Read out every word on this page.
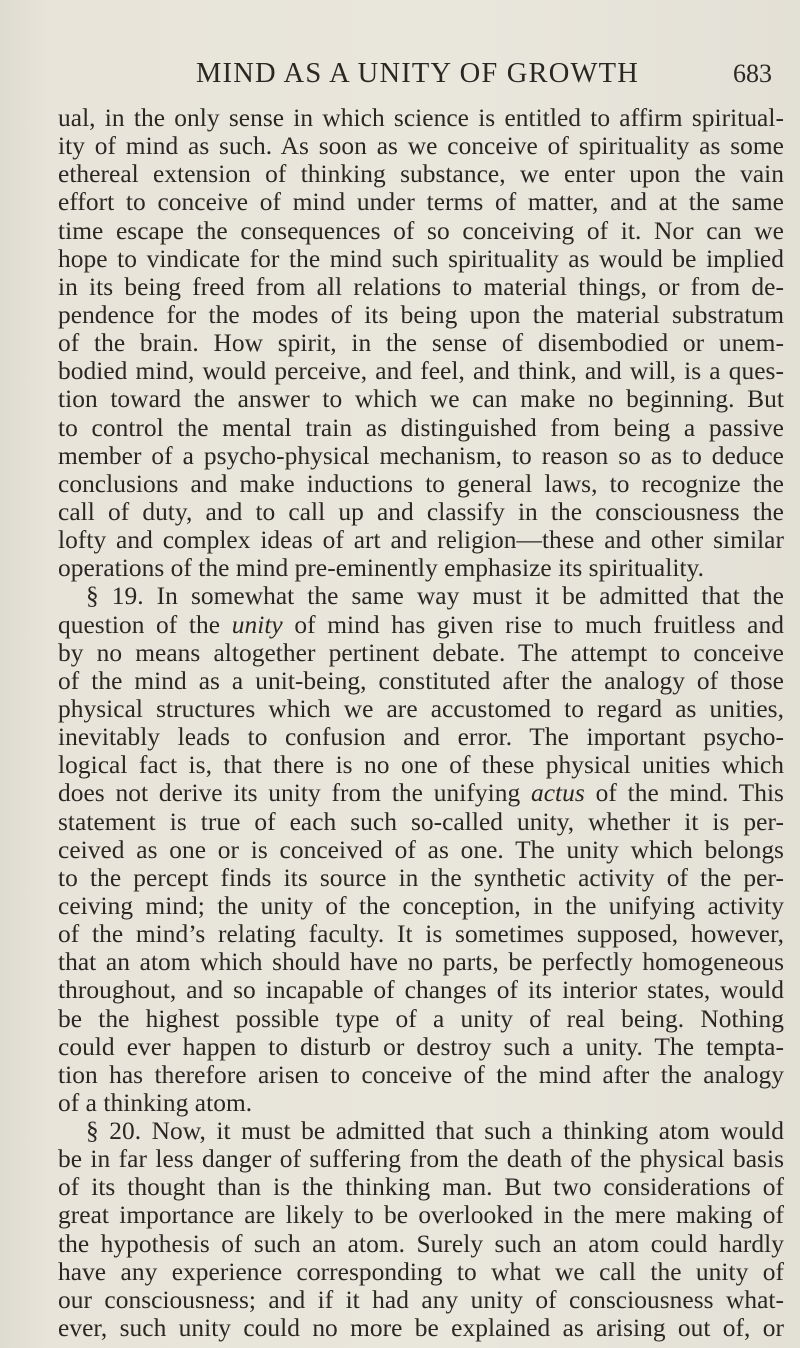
MIND AS A UNITY OF GROWTH	683
ual, in the only sense in which science is entitled to affirm spiritual-
ity of mind as such. As soon as we conceive of spirituality as some
ethereal extension of thinking substance, we enter upon the vain
effort to conceive of mind under terms of matter, and at the same
time escape the consequences of so conceiving of it. Nor can we
hope to vindicate for the mind such spirituality as would be implied
in its being freed from all relations to material things, or from de-
pendence for the modes of its being upon the material substratum
of the brain. How spirit, in the sense of disembodied or unem-
bodied mind, would perceive, and feel, and think, and will, is a ques-
tion toward the answer to which we can make no beginning. But
to control the mental train as distinguished from being a passive
member of a psycho-physical mechanism, to reason so as to deduce
conclusions and make inductions to general laws, to recognize the
call of duty, and to call up and classify in the consciousness the
lofty and complex ideas of art and religion—these and other similar
operations of the mind pre-eminently emphasize its spirituality.
§ 19. In somewhat the same way must it be admitted that the
question of the unity of mind has given rise to much fruitless and
by no means altogether pertinent debate. The attempt to conceive
of the mind as a unit-being, constituted after the analogy of those
physical structures which we are accustomed to regard as unities,
inevitably leads to confusion and error. The important psycho-
logical fact is, that there is no one of these physical unities which
does not derive its unity from the unifying actus of the mind. This
statement is true of each such so-called unity, whether it is per-
ceived as one or is conceived of as one. The unity which belongs
to the percept finds its source in the synthetic activity of the per-
ceiving mind; the unity of the conception, in the unifying activity
of the mind’s relating faculty. It is sometimes supposed, however,
that an atom which should have no parts, be perfectly homogeneous
throughout, and so incapable of changes of its interior states, would
be the highest possible type of a unity of real being. Nothing
could ever happen to disturb or destroy such a unity. The tempta-
tion has therefore arisen to conceive of the mind after the analogy
of a thinking atom.
§ 20. Now, it must be admitted that such a thinking atom would
be in far less danger of suffering from the death of the physical basis
of its thought than is the thinking man. But two considerations of
great importance are likely to be overlooked in the mere making of
the hypothesis of such an atom. Surely such an atom could hardly
have any experience corresponding to what we call the unity of
our consciousness; and if it had any unity of consciousness what-
ever, such unity could no more be explained as arising out of, or
